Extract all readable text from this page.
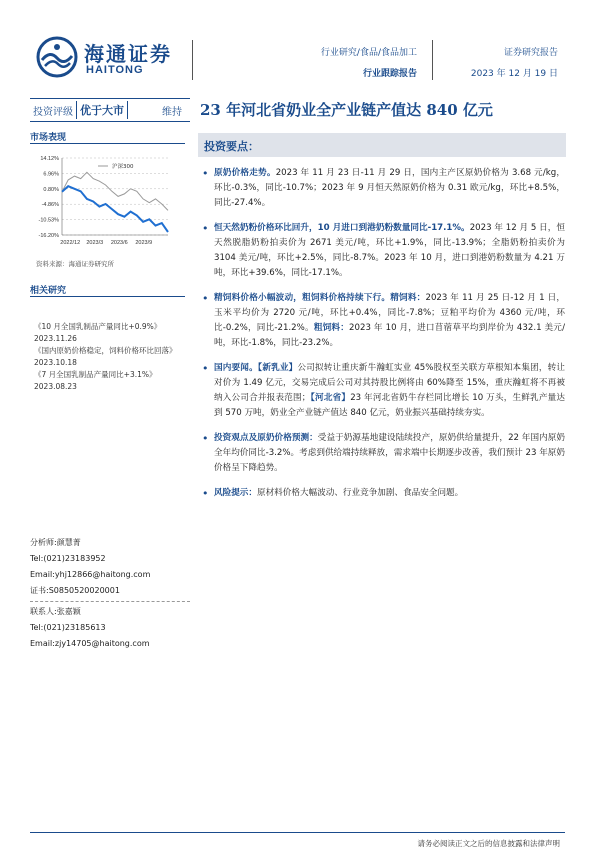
海通证券
HAITONG
行业研究/食品/食品加工
行业跟踪报告
证券研究报告
2023 年 12 月 19 日
投资评级 优于大市	维持	23 年河北省奶业全产业链产值达 840 亿元
市场表现
14.12%
6.96%
0.80%
-4.86%
-10.53%
-16.20%
2022/12 2023/3 2023/6 2023/9
沪深300
资料来源：海通证券研究所
相关研究
《10 月全国乳制品产量同比+0.9%》
2023.11.26
《国内原奶价格稳定，饲料价格环比回落》
2023.10.18
《7 月全国乳制品产量同比+3.1%》
2023.08.23
分析师:颜慧菁
Tel:(021)23183952
Email:yhj12866@haitong.com
证书:S0850520020001
联系人:张嘉颖
Tel:(021)23185613
Email:zjy14705@haitong.com
投资要点：
• 原奶价格走势。2023 年 11 月 23 日-11 月 29 日，国内主产区原奶价格为 3.68 元/kg，环比-0.3%，同比-10.7%；2023 年 9 月恒天然原奶价格为 0.31 欧元/kg，环比+8.5%，同比-27.4%。
• 恒天然奶粉价格环比回升，10 月进口到港奶粉数量同比-17.1%。2023 年 12 月 5 日，恒天然脱脂奶粉拍卖价为 2671 美元/吨，环比+1.9%，同比-13.9%；全脂奶粉拍卖价为 3104 美元/吨，环比+2.5%，同比-8.7%。2023 年 10 月，进口到港奶粉数量为 4.21 万吨，环比+39.6%，同比-17.1%。
• 精饲料价格小幅波动，粗饲料价格持续下行。精饲料：2023 年 11 月 25 日-12 月 1 日，玉米平均价为 2720 元/吨，环比+0.4%，同比-7.8%；豆粕平均价为 4360 元/吨，环比-0.2%，同比-21.2%。粗饲料：2023 年 10 月，进口苜蓿草平均到岸价为 432.1 美元/吨，环比-1.8%，同比-23.2%。
• 国内要闻。【新乳业】公司拟转让重庆新牛瀚虹实业 45%股权至关联方草根知本集团，转让对价为 1.49 亿元，交易完成后公司对其持股比例将由 60%降至 15%，重庆瀚虹将不再被纳入公司合并报表范围；【河北省】23 年河北省奶牛存栏同比增长 10 万头，生鲜乳产量达到 570 万吨，奶业全产业链产值达 840 亿元，奶业振兴基础持续夯实。
• 投资观点及原奶价格预测：受益于奶源基地建设陆续投产，原奶供给量提升，22 年国内原奶全年均价同比-3.2%。考虑到供给端持续释放，需求端中长期逐步改善，我们预计 23 年原奶价格呈下降趋势。
• 风险提示：原材料价格大幅波动、行业竞争加剧、食品安全问题。
请务必阅读正文之后的信息披露和法律声明
